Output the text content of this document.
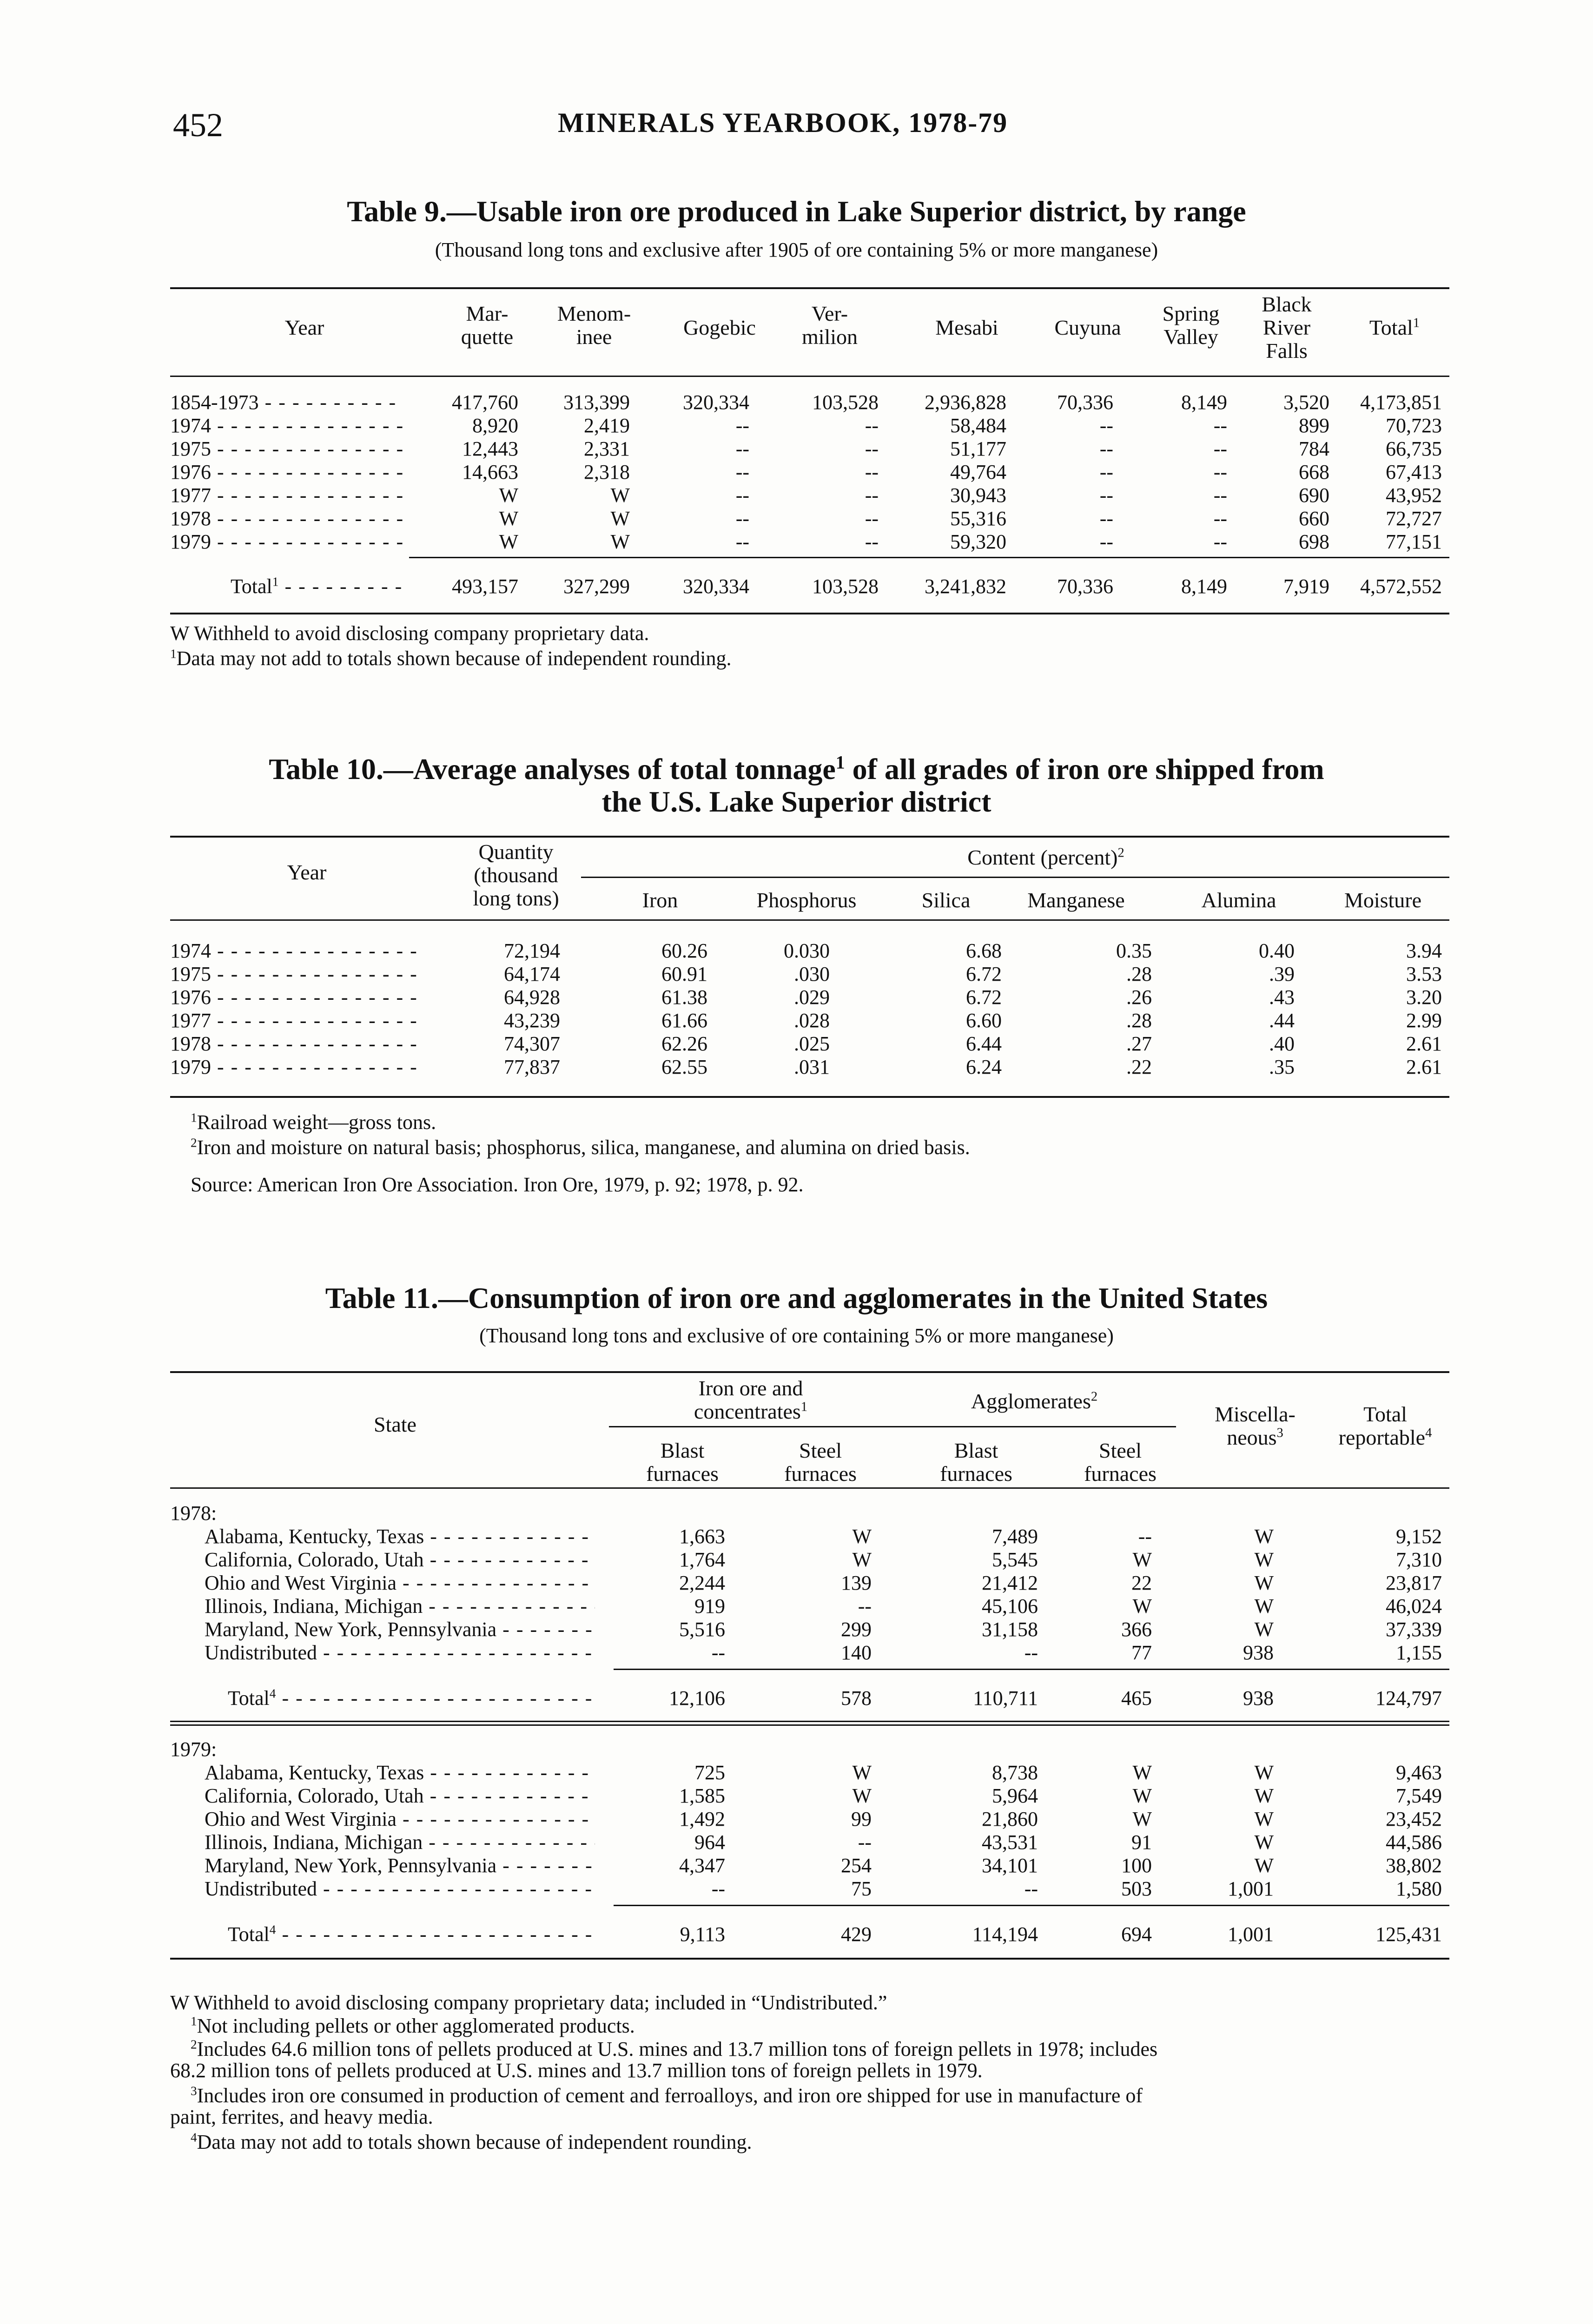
452	MINERALS YEARBOOK, 1978-79
Table 9.—Usable iron ore produced in Lake Superior district, by range
(Thousand long tons and exclusive after 1905 of ore containing 5% or more manganese)
Year
Mar-
quette
Menom-
inee	Gogebic
Ver-
milion	Mesabi	Cuyuna
Spring
Valley
Black
River
Falls
Total$^1$
1854-1973 - - -	417,760	313,399	320,334	103,528	2,936,828	70,336	8,149	3,520	4,173,851
1974 - - -	8,920	2,419	--	--	58,484	--	--	899	70,723
1975 - - -	12,443	2,331	--	--	51,177	--	--	784	66,735
1976 - - -	14,663	2,318	--	--	49,764	--	--	668	67,413
1977 - - -	W	W	--	--	30,943	--	--	690	43,952
1978 - - -	W	W	--	--	55,316	--	--	660	72,727
1979 - - -	W	W	--	--	59,320	--	--	698	77,151
Total$^1$ - - -	493,157	327,299	320,334	103,528	3,241,832	70,336	8,149	7,919	4,572,552
W Withheld to avoid disclosing company proprietary data.
$^1$Data may not add to totals shown because of independent rounding.
Table 10.—Average analyses of total tonnage$^1$ of all grades of iron ore shipped from
the U.S. Lake Superior district
Year
Quantity
(thousand
long tons)
Content (percent)$^2$
Iron	Phosphorus	Silica	Manganese	Alumina	Moisture
1974 - - -	72,194	60.26	0.030	6.68	0.35	0.40	3.94
1975 - - -	64,174	60.91	.030	6.72	.28	.39	3.53
1976 - - -	64,928	61.38	.029	6.72	.26	.43	3.20
1977 - - -	43,239	61.66	.028	6.60	.28	.44	2.99
1978 - - -	74,307	62.26	.025	6.44	.27	.40	2.61
1979 - - -	77,837	62.55	.031	6.24	.22	.35	2.61
$^1$Railroad weight—gross tons.
$^2$Iron and moisture on natural basis; phosphorus, silica, manganese, and alumina on dried basis.
Source: American Iron Ore Association. Iron Ore, 1979, p. 92; 1978, p. 92.
Table 11.—Consumption of iron ore and agglomerates in the United States
(Thousand long tons and exclusive of ore containing 5% or more manganese)
State
Iron ore and
concentrates$^1$	Agglomerates$^2$
Blast
furnaces
Steel
furnaces
Blast
furnaces
Steel
furnaces
Miscella-
neous$^3$
Total
reportable$^4$
1978:
Alabama, Kentucky, Texas - - -	1,663	W	7,489	--	W	9,152
California, Colorado, Utah - - -	1,764	W	5,545	W	W	7,310
Ohio and West Virginia - - -	2,244	139	21,412	22	W	23,817
Illinois, Indiana, Michigan - - -	919	--	45,106	W	W	46,024
Maryland, New York, Pennsylvania - - -	5,516	299	31,158	366	W	37,339
Undistributed - - -	--	140	--	77	938	1,155
Total$^4$ - - -	12,106	578	110,711	465	938	124,797
1979:
Alabama, Kentucky, Texas - - -	725	W	8,738	W	W	9,463
California, Colorado, Utah - - -	1,585	W	5,964	W	W	7,549
Ohio and West Virginia - - -	1,492	99	21,860	W	W	23,452
Illinois, Indiana, Michigan - - -	964	--	43,531	91	W	44,586
Maryland, New York, Pennsylvania - - -	4,347	254	34,101	100	W	38,802
Undistributed - - -	--	75	--	503	1,001	1,580
Total$^4$ - - -	9,113	429	114,194	694	1,001	125,431
W Withheld to avoid disclosing company proprietary data; included in “Undistributed.”
$^1$Not including pellets or other agglomerated products.
$^2$Includes 64.6 million tons of pellets produced at U.S. mines and 13.7 million tons of foreign pellets in 1978; includes
68.2 million tons of pellets produced at U.S. mines and 13.7 million tons of foreign pellets in 1979.
$^3$Includes iron ore consumed in production of cement and ferroalloys, and iron ore shipped for use in manufacture of
paint, ferrites, and heavy media.
$^4$Data may not add to totals shown because of independent rounding.
